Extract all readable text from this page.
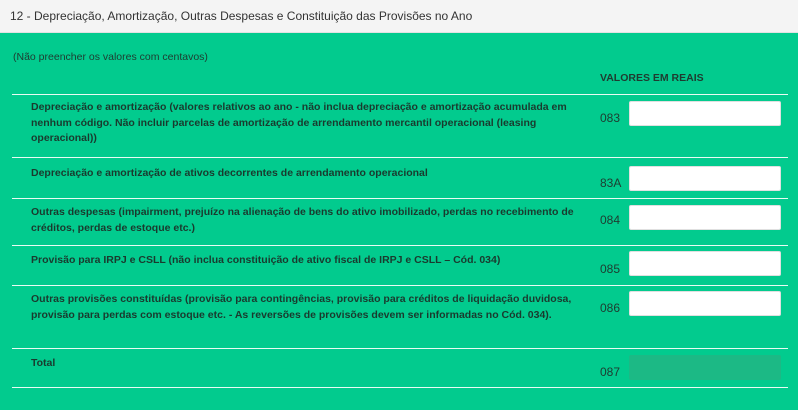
12 - Depreciação, Amortização, Outras Despesas e Constituição das Provisões no Ano
(Não preencher os valores com centavos)
VALORES EM REAIS
Depreciação e amortização (valores relativos ao ano - não inclua depreciação e amortização acumulada em nenhum código. Não incluir parcelas de amortização de arrendamento mercantil operacional (leasing operacional))
083
Depreciação e amortização de ativos decorrentes de arrendamento operacional
83A
Outras despesas (impairment, prejuízo na alienação de bens do ativo imobilizado, perdas no recebimento de créditos, perdas de estoque etc.)
084
Provisão para IRPJ e CSLL (não inclua constituição de ativo fiscal de IRPJ e CSLL – Cód. 034)
085
Outras provisões constituídas (provisão para contingências, provisão para créditos de liquidação duvidosa, provisão para perdas com estoque etc. - As reversões de provisões devem ser informadas no Cód. 034).	086
Total
087
